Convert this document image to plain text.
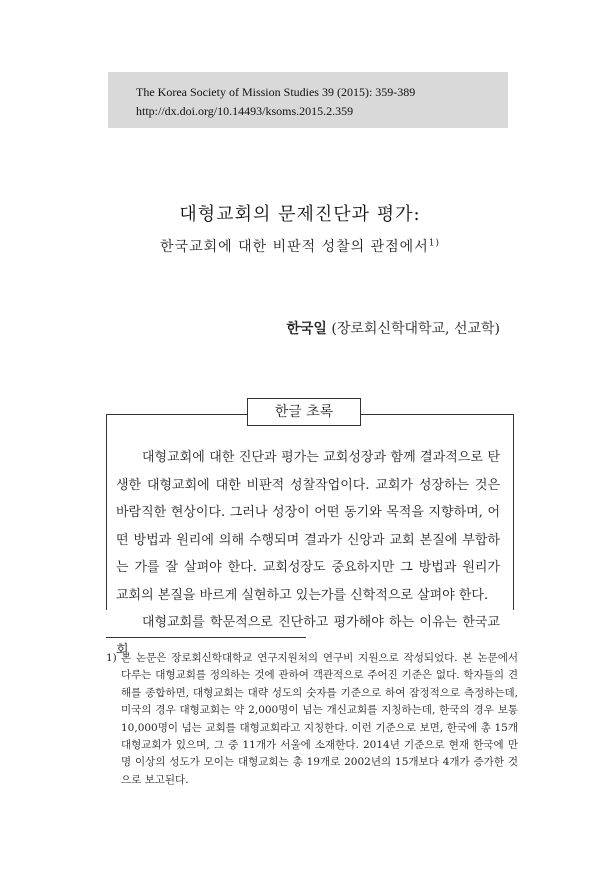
The Korea Society of Mission Studies 39 (2015): 359-389
http://dx.doi.org/10.14493/ksoms.2015.2.359
대형교회의 문제진단과 평가:
한국교회에 대한 비판적 성찰의 관점에서$^{1)}$
한국일 (장로회신학대학교, 선교학)
한글 초록

대형교회에 대한 진단과 평가는 교회성장과 함께 결과적으로 탄생한 대형교회에 대한 비판적 성찰작업이다. 교회가 성장하는 것은 바람직한 현상이다. 그러나 성장이 어떤 동기와 목적을 지향하며, 어떤 방법과 원리에 의해 수행되며 결과가 신앙과 교회 본질에 부합하는 가를 잘 살펴야 한다. 교회성장도 중요하지만 그 방법과 원리가 교회의 본질을 바르게 실현하고 있는가를 신학적으로 살펴야 한다.

대형교회를 학문적으로 진단하고 평가해야 하는 이유는 한국교회

1) 본 논문은 장로회신학대학교 연구지원처의 연구비 지원으로 작성되었다. 본 논문에서 다루는 대형교회를 정의하는 것에 관하여 객관적으로 주어진 기준은 없다. 학자들의 견해를 종합하면, 대형교회는 대략 성도의 숫자를 기준으로 하여 잠정적으로 측정하는데, 미국의 경우 대형교회는 약 2,000명이 넘는 개신교회를 지칭하는데, 한국의 경우 보통 10,000명이 넘는 교회를 대형교회라고 지칭한다. 이런 기준으로 보면, 한국에 총 15개 대형교회가 있으며, 그 중 11개가 서울에 소재한다. 2014년 기준으로 현재 한국에 만 명 이상의 성도가 모이는 대형교회는 총 19개로 2002년의 15개보다 4개가 증가한 것으로 보고된다.
